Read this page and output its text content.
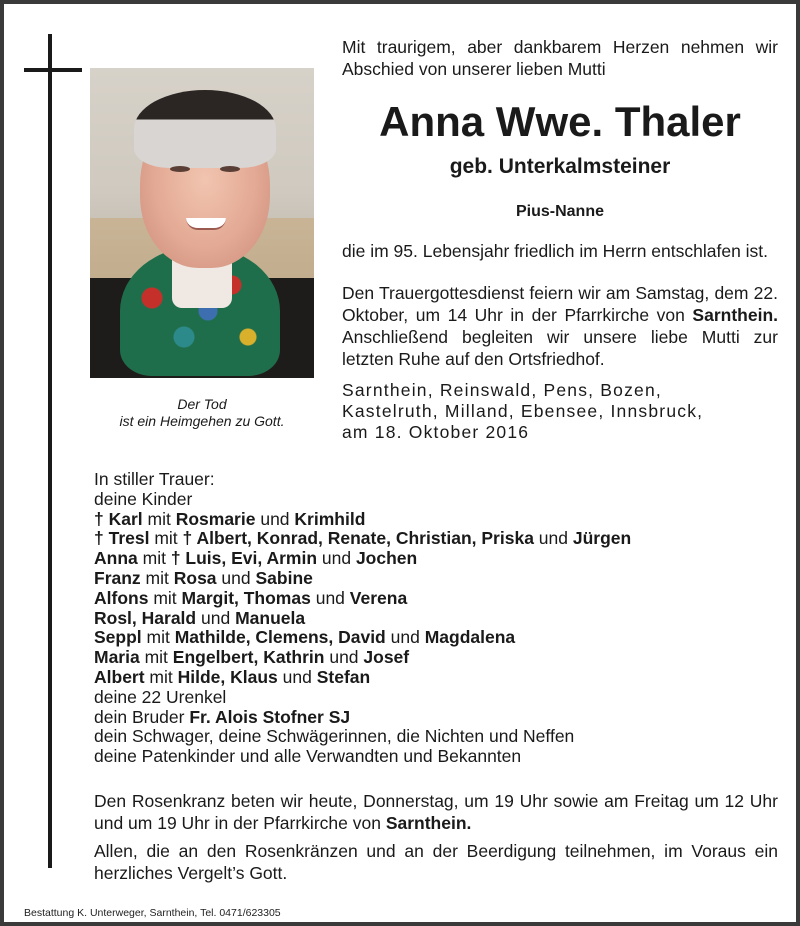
Der Tod
ist ein Heimgehen zu Gott.
Mit traurigem, aber dankbarem Herzen nehmen wir Abschied von unserer lieben Mutti
Anna Wwe. Thaler
geb. Unterkalmsteiner
Pius-Nanne
die im 95. Lebensjahr friedlich im Herrn entschlafen ist.
Den Trauergottesdienst feiern wir am Samstag, dem 22. Oktober, um 14 Uhr in der Pfarrkirche von Sarnthein. Anschließend begleiten wir unsere liebe Mutti zur letzten Ruhe auf den Ortsfriedhof.
Sarnthein, Reinswald, Pens, Bozen,
Kastelruth, Milland, Ebensee, Innsbruck,
am 18. Oktober 2016
In stiller Trauer:
deine Kinder
† Karl mit Rosmarie und Krimhild
† Tresl mit † Albert, Konrad, Renate, Christian, Priska und Jürgen
Anna mit † Luis, Evi, Armin und Jochen
Franz mit Rosa und Sabine
Alfons mit Margit, Thomas und Verena
Rosl, Harald und Manuela
Seppl mit Mathilde, Clemens, David und Magdalena
Maria mit Engelbert, Kathrin und Josef
Albert mit Hilde, Klaus und Stefan
deine 22 Urenkel
dein Bruder Fr. Alois Stofner SJ
dein Schwager, deine Schwägerinnen, die Nichten und Neffen
deine Patenkinder und alle Verwandten und Bekannten
Den Rosenkranz beten wir heute, Donnerstag, um 19 Uhr sowie am Freitag um 12 Uhr und um 19 Uhr in der Pfarrkirche von Sarnthein.
Allen, die an den Rosenkränzen und an der Beerdigung teilnehmen, im Voraus ein herzliches Vergelt’s Gott.
Bestattung K. Unterweger, Sarnthein, Tel. 0471/623305
